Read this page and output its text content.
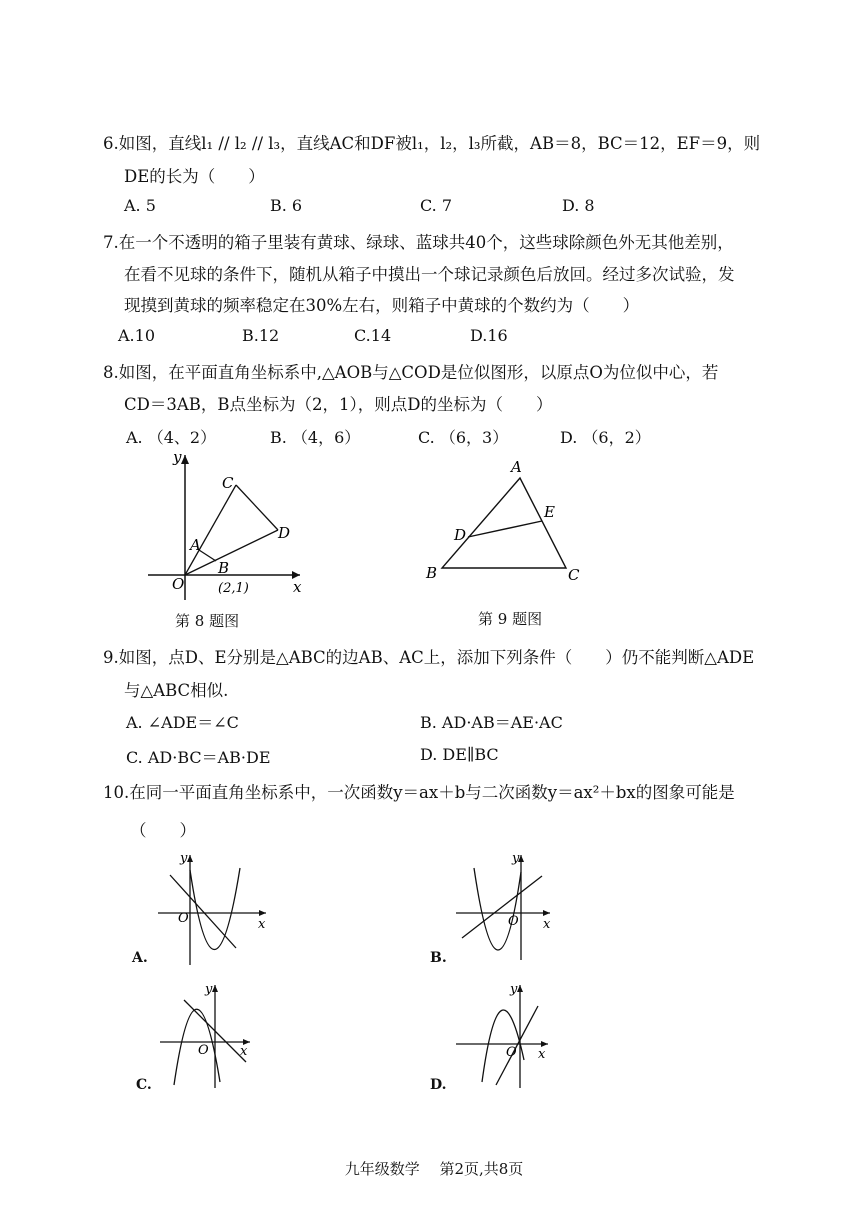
6.如图，直线l₁ // l₂ // l₃，直线AC和DF被l₁，l₂，l₃所截，AB＝8，BC＝12，EF＝9，则
DE的长为（　　）
A. 5	B. 6	C. 7	D. 8
7.在一个不透明的箱子里装有黄球、绿球、蓝球共40个，这些球除颜色外无其他差别，
在看不见球的条件下，随机从箱子中摸出一个球记录颜色后放回。经过多次试验，发
现摸到黄球的频率稳定在30%左右，则箱子中黄球的个数约为（　　）
A.10	B.12	C.14	D.16
8.如图，在平面直角坐标系中,△AOB与△COD是位似图形，以原点O为位似中心，若
CD＝3AB，B点坐标为（2，1），则点D的坐标为（　　）
A. （4、2）	B. （4，6）	C. （6，3）	D. （6，2）
y
x
O
A
B
C
D
(2,1)
第 8 题图
A
B	C
D
E
第 9 题图
9.如图，点D、E分别是△ABC的边AB、AC上，添加下列条件（　　）仍不能判断△ADE
与△ABC相似.
A. ∠ADE＝∠C	B. AD·AB＝AE·AC
C. AD·BC＝AB·DE	D. DE∥BC
10.在同一平面直角坐标系中，一次函数y＝ax＋b与二次函数y＝ax²＋bx的图象可能是
（　　）
O	x
y
A.
O x
y
B.
O x
y
C.
O x
y
D.
九年级数学　 第2页,共8页
